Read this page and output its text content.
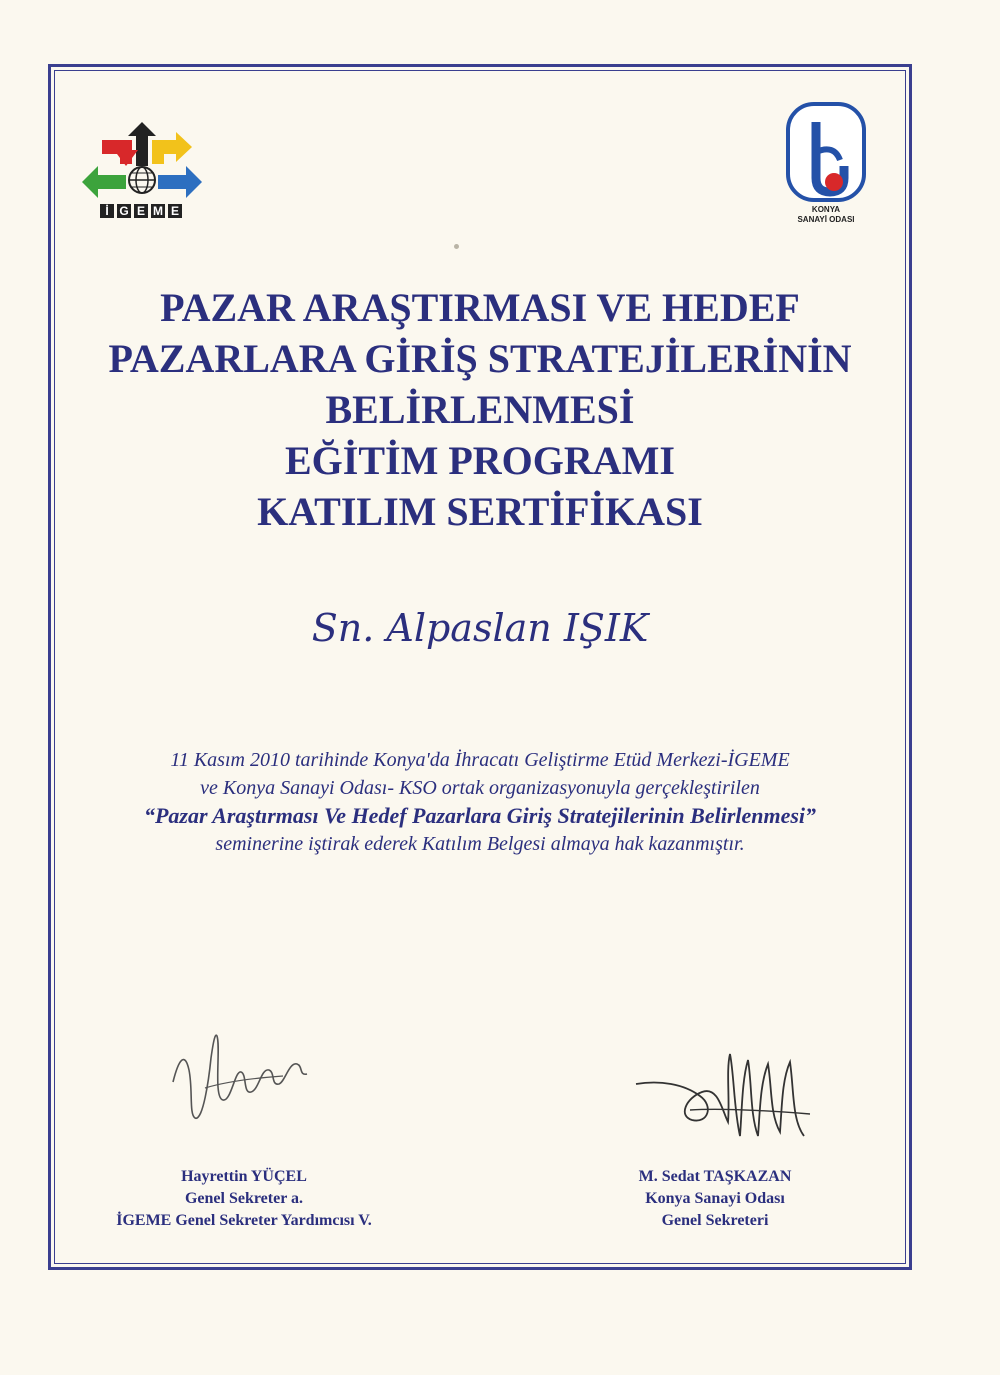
İ G E M E	KONYA
SANAYİ ODASI
PAZAR ARAŞTIRMASI VE HEDEF
PAZARLARA GİRİŞ STRATEJİLERİNİN
BELİRLENMESİ
EĞİTİM PROGRAMI
KATILIM SERTİFİKASI
Sn. Alpaslan IŞIK
11 Kasım 2010 tarihinde Konya'da İhracatı Geliştirme Etüd Merkezi-İGEME
ve Konya Sanayi Odası- KSO ortak organizasyonuyla gerçekleştirilen
“Pazar Araştırması Ve Hedef Pazarlara Giriş Stratejilerinin Belirlenmesi”
seminerine iştirak ederek Katılım Belgesi almaya hak kazanmıştır.
Hayrettin YÜÇEL
Genel Sekreter a.
İGEME Genel Sekreter Yardımcısı V.
M. Sedat TAŞKAZAN
Konya Sanayi Odası
Genel Sekreteri
